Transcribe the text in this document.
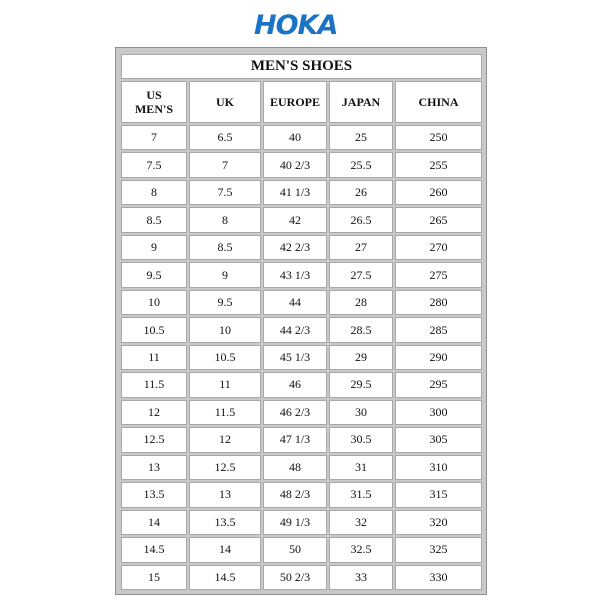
HOKA
MEN'S SHOES				

US
MEN'S	UK	EUROPE	JAPAN	CHINA
7	6.5	40	25	250
7.5	7	40 2/3	25.5	255
8	7.5	41 1/3	26	260
8.5	8	42	26.5	265
9	8.5	42 2/3	27	270
9.5	9	43 1/3	27.5	275
10	9.5	44	28	280
10.5	10	44 2/3	28.5	285
11	10.5	45 1/3	29	290
11.5	11	46	29.5	295
12	11.5	46 2/3	30	300
12.5	12	47 1/3	30.5	305
13	12.5	48	31	310
13.5	13	48 2/3	31.5	315
14	13.5	49 1/3	32	320
14.5	14	50	32.5	325
15	14.5	50 2/3	33	330
